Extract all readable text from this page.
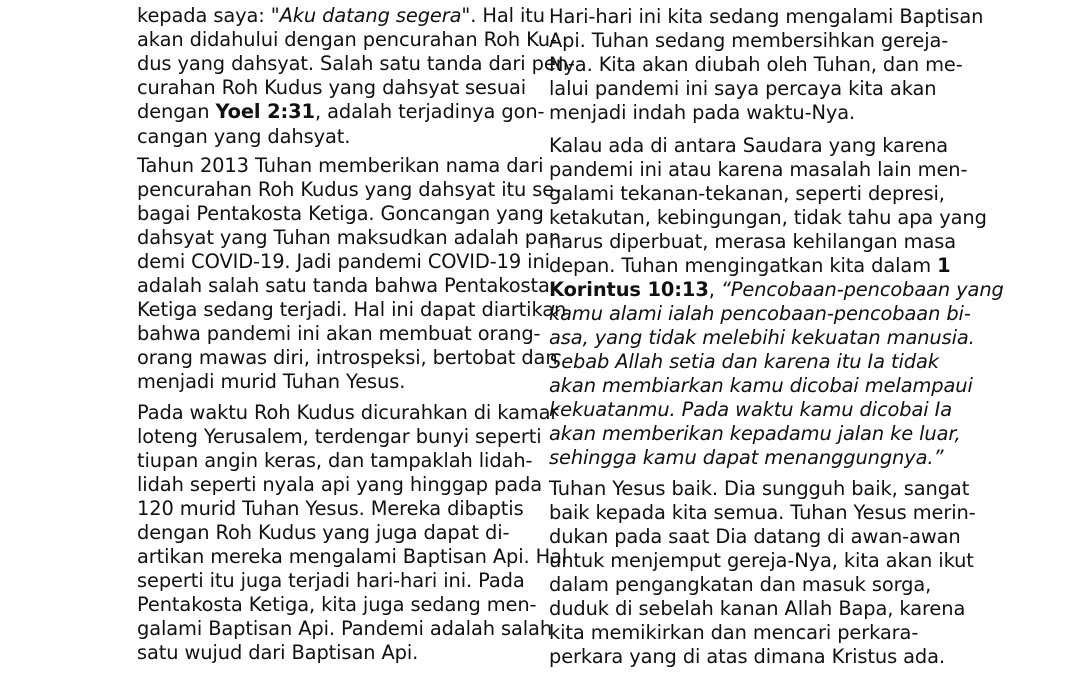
kepada saya: "Aku datang segera". Hal itu
akan didahului dengan pencurahan Roh Ku-
dus yang dahsyat. Salah satu tanda dari pen-
curahan Roh Kudus yang dahsyat sesuai
dengan Yoel 2:31, adalah terjadinya gon-
cangan yang dahsyat.
Tahun 2013 Tuhan memberikan nama dari
pencurahan Roh Kudus yang dahsyat itu se-
bagai Pentakosta Ketiga. Goncangan yang
dahsyat yang Tuhan maksudkan adalah pan-
demi COVID-19. Jadi pandemi COVID-19 ini
adalah salah satu tanda bahwa Pentakosta
Ketiga sedang terjadi. Hal ini dapat diartikan
bahwa pandemi ini akan membuat orang-
orang mawas diri, introspeksi, bertobat dan
menjadi murid Tuhan Yesus.
Pada waktu Roh Kudus dicurahkan di kamar
loteng Yerusalem, terdengar bunyi seperti
tiupan angin keras, dan tampaklah lidah-
lidah seperti nyala api yang hinggap pada
120 murid Tuhan Yesus. Mereka dibaptis
dengan Roh Kudus yang juga dapat di-
artikan mereka mengalami Baptisan Api. Hal
seperti itu juga terjadi hari-hari ini. Pada
Pentakosta Ketiga, kita juga sedang men-
galami Baptisan Api. Pandemi adalah salah
satu wujud dari Baptisan Api.
Hari-hari ini kita sedang mengalami Baptisan
Api. Tuhan sedang membersihkan gereja-
Nya. Kita akan diubah oleh Tuhan, dan me-
lalui pandemi ini saya percaya kita akan
menjadi indah pada waktu-Nya.
Kalau ada di antara Saudara yang karena
pandemi ini atau karena masalah lain men-
galami tekanan-tekanan, seperti depresi,
ketakutan, kebingungan, tidak tahu apa yang
harus diperbuat, merasa kehilangan masa
depan. Tuhan mengingatkan kita dalam 1
Korintus 10:13, “Pencobaan-pencobaan yang
kamu alami ialah pencobaan-pencobaan bi-
asa, yang tidak melebihi kekuatan manusia.
Sebab Allah setia dan karena itu Ia tidak
akan membiarkan kamu dicobai melampaui
kekuatanmu. Pada waktu kamu dicobai Ia
akan memberikan kepadamu jalan ke luar,
sehingga kamu dapat menanggungnya.”
Tuhan Yesus baik. Dia sungguh baik, sangat
baik kepada kita semua. Tuhan Yesus merin-
dukan pada saat Dia datang di awan-awan
untuk menjemput gereja-Nya, kita akan ikut
dalam pengangkatan dan masuk sorga,
duduk di sebelah kanan Allah Bapa, karena
kita memikirkan dan mencari perkara-
perkara yang di atas dimana Kristus ada.
